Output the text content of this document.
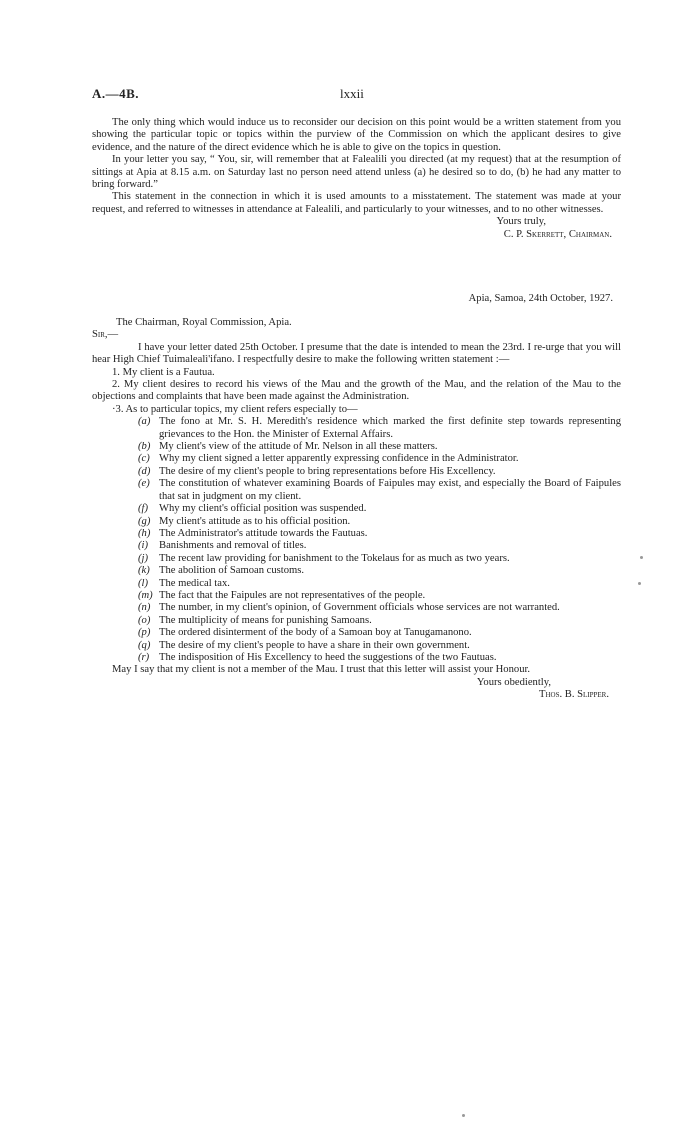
A.—4B.	lxxii

The only thing which would induce us to reconsider our decision on this point would be a written statement from you showing the particular topic or topics within the purview of the Commission on which the applicant desires to give evidence, and the nature of the direct evidence which he is able to give on the topics in question.

In your letter you say, “ You, sir, will remember that at Falealili you directed (at my request) that at the resumption of sittings at Apia at 8.15 a.m. on Saturday last no person need attend unless (a) he desired so to do, (b) he had any matter to bring forward.”

This statement in the connection in which it is used amounts to a misstatement. The statement was made at your request, and referred to witnesses in attendance at Falealili, and particularly to your witnesses, and to no other witnesses.

Yours truly,

C. P. Skerrett, Chairman.

Apia, Samoa, 24th October, 1927.

The Chairman, Royal Commission, Apia.

Sir,—

I have your letter dated 25th October. I presume that the date is intended to mean the 23rd. I re-urge that you will hear High Chief Tuimalealì'ifano. I respectfully desire to make the following written statement :—

1. My client is a Fautua.

2. My client desires to record his views of the Mau and the growth of the Mau, and the relation of the Mau to the objections and complaints that have been made against the Administration.

·3. As to particular topics, my client refers especially to—

(a) The fono at Mr. S. H. Meredith's residence which marked the first definite step towards representing grievances to the Hon. the Minister of External Affairs.
(b) My client's view of the attitude of Mr. Nelson in all these matters.
(c) Why my client signed a letter apparently expressing confidence in the Administrator.
(d) The desire of my client's people to bring representations before His Excellency.
(e) The constitution of whatever examining Boards of Faipules may exist, and especially the Board of Faipules that sat in judgment on my client.
(f)	Why my client's official position was suspended.
(g) My client's attitude as to his official position.
(h) The Administrator's attitude towards the Fautuas.
(i)	Banishments and removal of titles.
(j)	The recent law providing for banishment to the Tokelaus for as much as two years.
(k) The abolition of Samoan customs.
(l)	The medical tax.
(m) The fact that the Faipules are not representatives of the people.
(n) The number, in my client's opinion, of Government officials whose services are not warranted.
(o) The multiplicity of means for punishing Samoans.
(p) The ordered disinterment of the body of a Samoan boy at Tanugamanono.
(q) The desire of my client's people to have a share in their own government.
(r) The indisposition of His Excellency to heed the suggestions of the two Fautuas.

May I say that my client is not a member of the Mau. I trust that this letter will assist your Honour.

Yours obediently,

Thos. B. Slipper.
